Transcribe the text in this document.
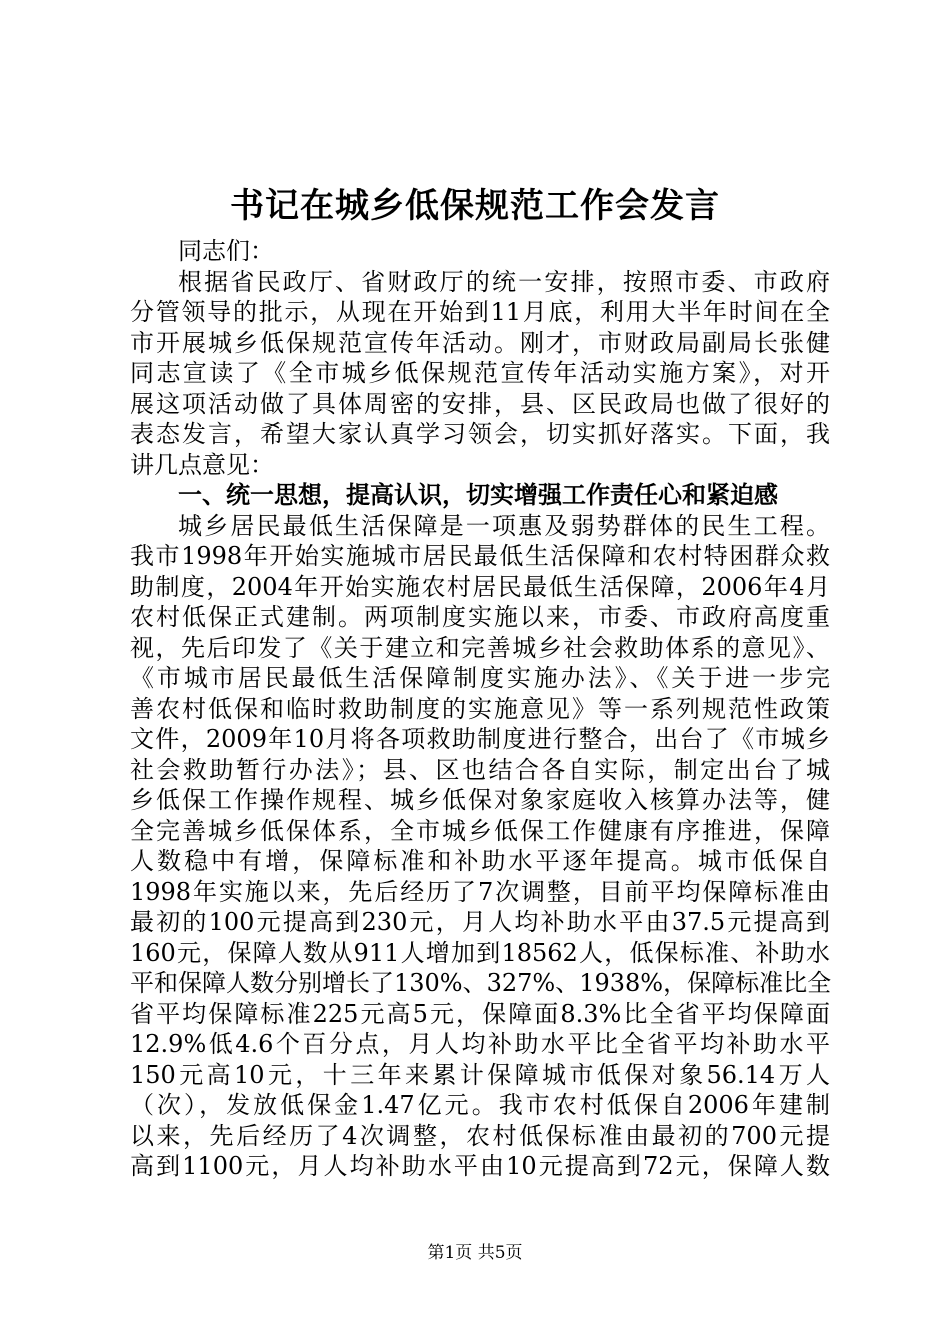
书记在城乡低保规范工作会发言
同志们：
根据省民政厅、省财政厅的统一安排，按照市委、市政府
分管领导的批示，从现在开始到11月底，利用大半年时间在全
市开展城乡低保规范宣传年活动。刚才，市财政局副局长张健
同志宣读了《全市城乡低保规范宣传年活动实施方案》，对开
展这项活动做了具体周密的安排，县、区民政局也做了很好的
表态发言，希望大家认真学习领会，切实抓好落实。下面，我
讲几点意见：
一、统一思想，提高认识，切实增强工作责任心和紧迫感
城乡居民最低生活保障是一项惠及弱势群体的民生工程。
我市1998年开始实施城市居民最低生活保障和农村特困群众救
助制度，2004年开始实施农村居民最低生活保障，2006年4月
农村低保正式建制。两项制度实施以来，市委、市政府高度重
视，先后印发了《关于建立和完善城乡社会救助体系的意见》、
《市城市居民最低生活保障制度实施办法》、《关于进一步完
善农村低保和临时救助制度的实施意见》等一系列规范性政策
文件，2009年10月将各项救助制度进行整合，出台了《市城乡
社会救助暂行办法》；县、区也结合各自实际，制定出台了城
乡低保工作操作规程、城乡低保对象家庭收入核算办法等，健
全完善城乡低保体系，全市城乡低保工作健康有序推进，保障
人数稳中有增，保障标准和补助水平逐年提高。城市低保自
1998年实施以来，先后经历了7次调整，目前平均保障标准由
最初的100元提高到230元，月人均补助水平由37.5元提高到
160元，保障人数从911人增加到18562人，低保标准、补助水
平和保障人数分别增长了130%、327%、1938%，保障标准比全
省平均保障标准225元高5元，保障面8.3%比全省平均保障面
12.9%低4.6个百分点，月人均补助水平比全省平均补助水平
150元高10元，十三年来累计保障城市低保对象56.14万人
（次），发放低保金1.47亿元。我市农村低保自2006年建制
以来，先后经历了4次调整，农村低保标准由最初的700元提
高到1100元，月人均补助水平由10元提高到72元，保障人数
第1页 共5页
